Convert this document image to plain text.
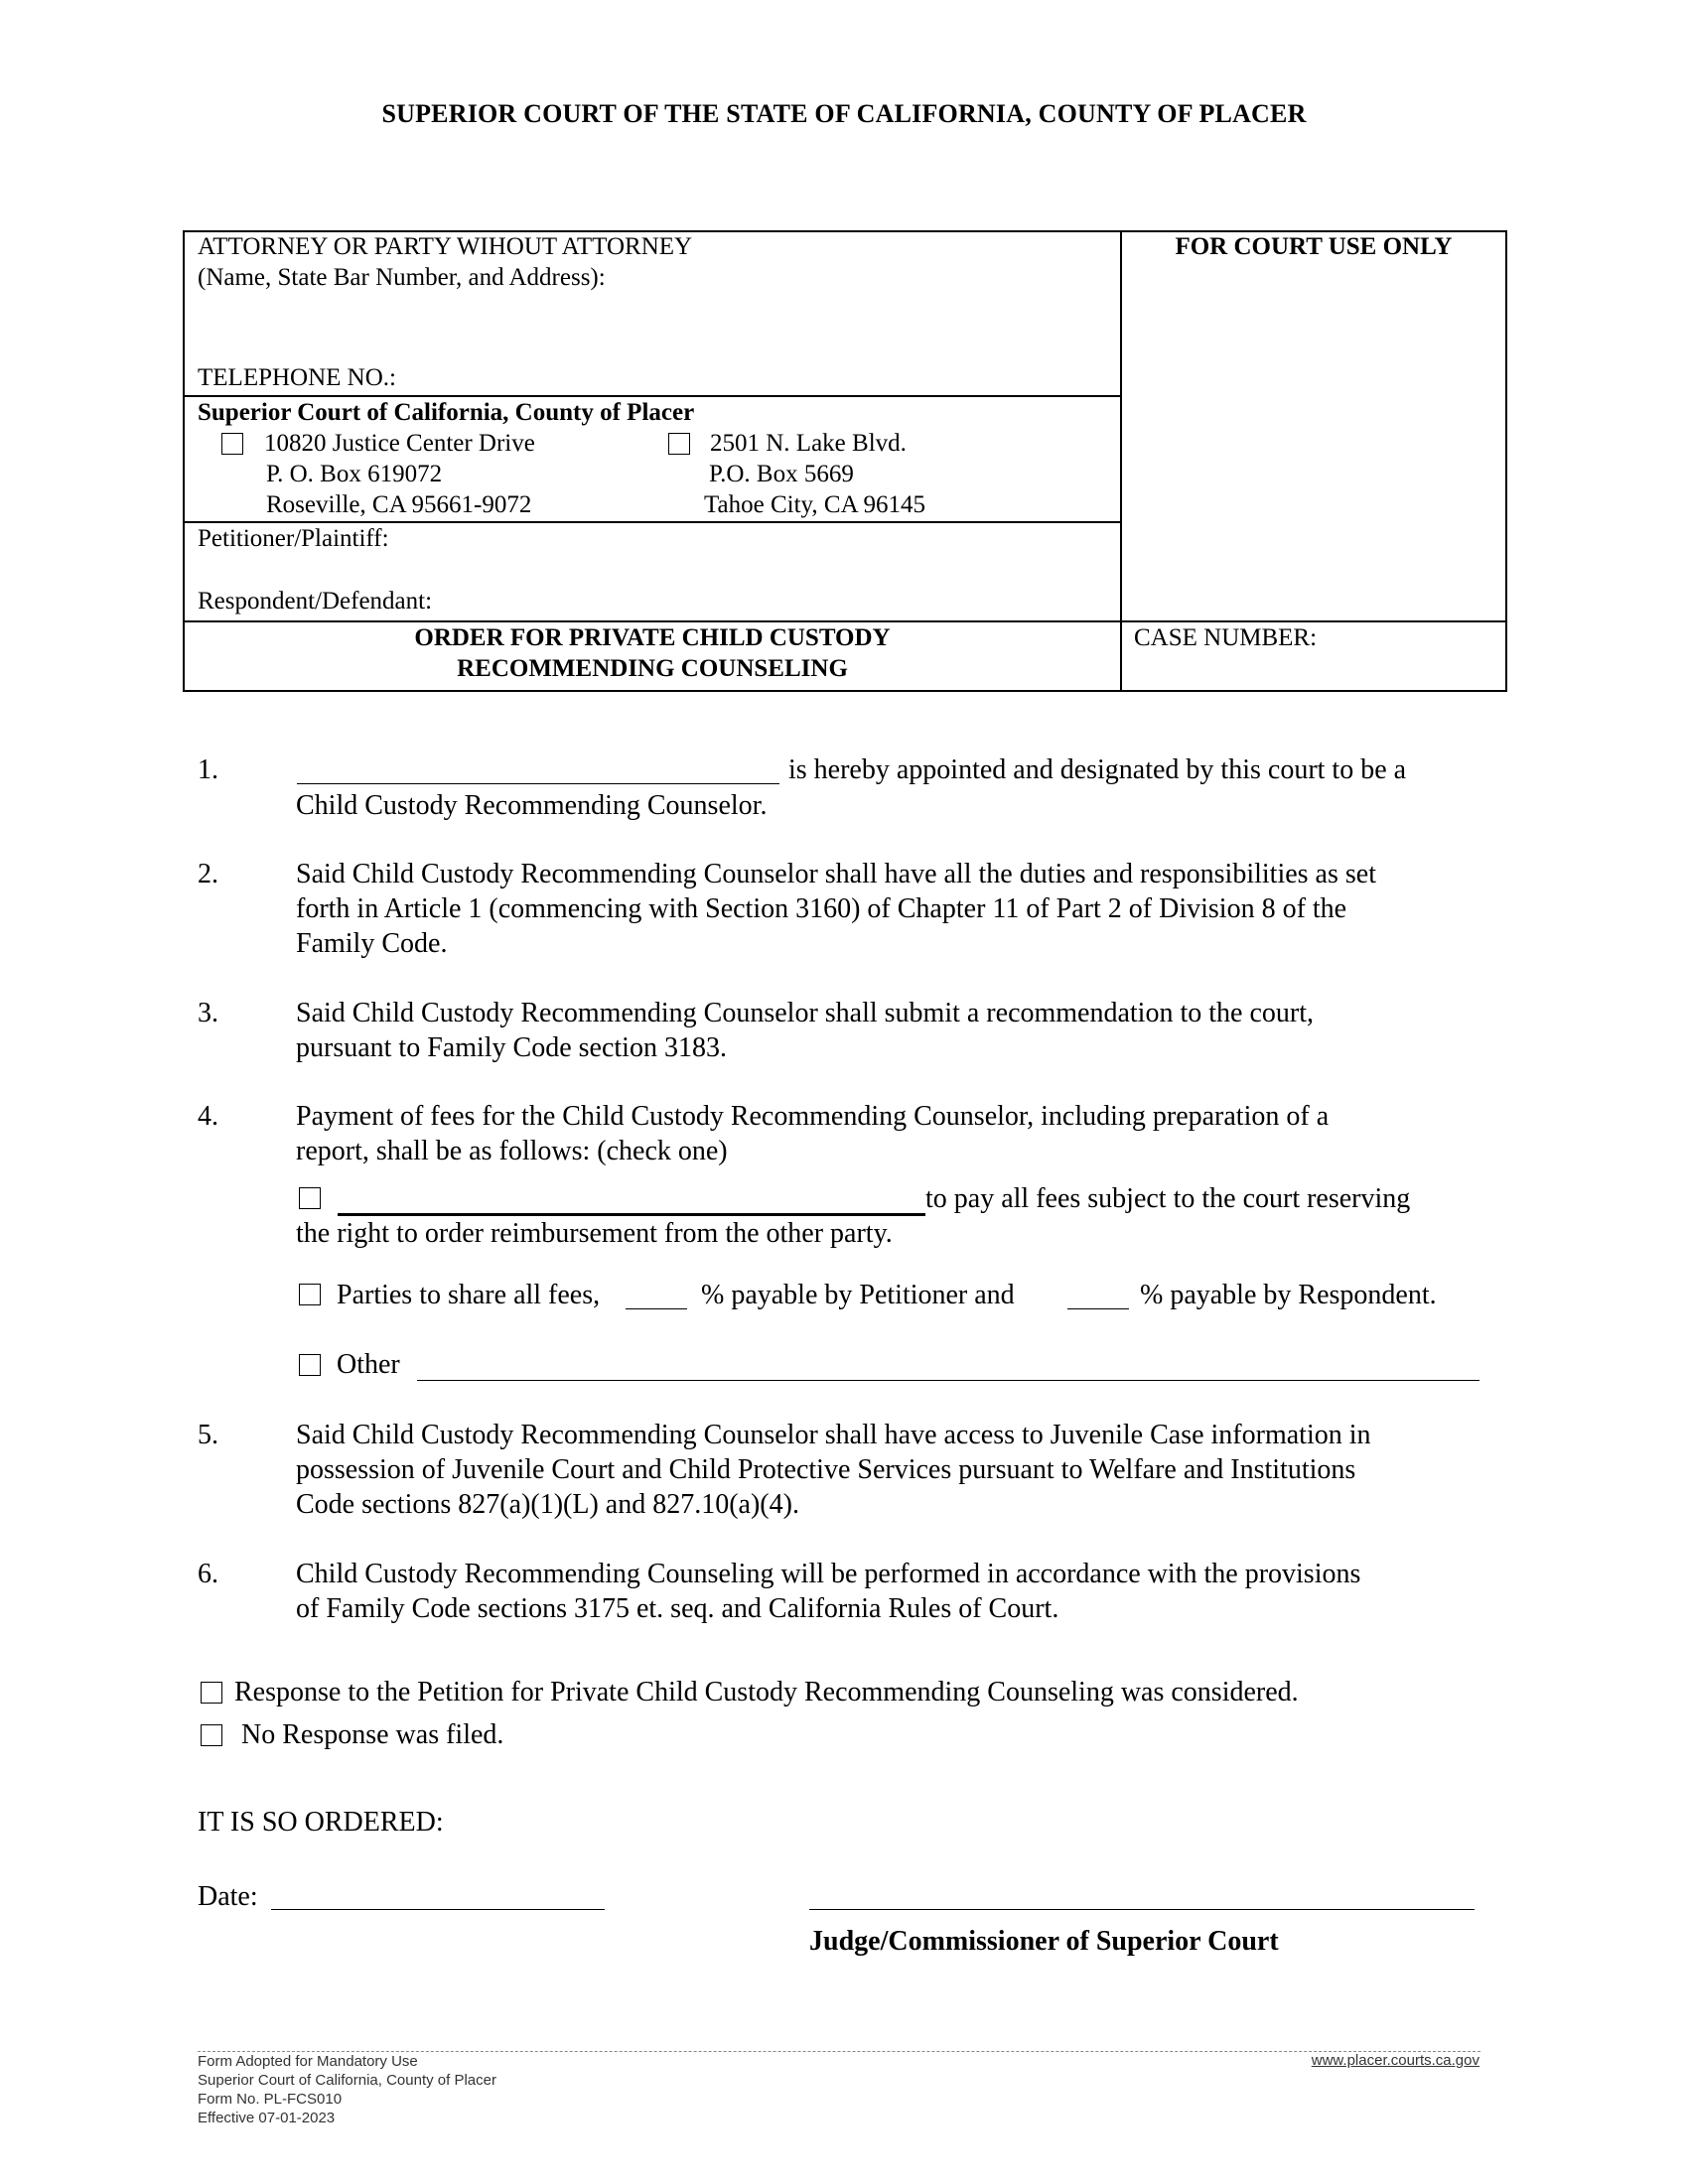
SUPERIOR COURT OF THE STATE OF CALIFORNIA, COUNTY OF PLACER
ATTORNEY OR PARTY WIHOUT ATTORNEY
(Name, State Bar Number, and Address):
TELEPHONE NO.:
FOR COURT USE ONLY
Superior Court of California, County of Placer
10820 Justice Center Drive
P. O. Box 619072
Roseville, CA 95661-9072
2501 N. Lake Blvd.
P.O. Box 5669
Tahoe City, CA 96145
Petitioner/Plaintiff:
Respondent/Defendant:
ORDER FOR PRIVATE CHILD CUSTODY
RECOMMENDING COUNSELING
CASE NUMBER:
1.	is hereby appointed and designated by this court to be a
Child Custody Recommending Counselor.
2.	Said Child Custody Recommending Counselor shall have all the duties and responsibilities as set
forth in Article 1 (commencing with Section 3160) of Chapter 11 of Part 2 of Division 8 of the
Family Code.
3.	Said Child Custody Recommending Counselor shall submit a recommendation to the court,
pursuant to Family Code section 3183.
4.	Payment of fees for the Child Custody Recommending Counselor, including preparation of a
report, shall be as follows: (check one)
to pay all fees subject to the court reserving
the right to order reimbursement from the other party.
Parties to share all fees,	% payable by Petitioner and	% payable by Respondent.
Other
5.	Said Child Custody Recommending Counselor shall have access to Juvenile Case information in
possession of Juvenile Court and Child Protective Services pursuant to Welfare and Institutions
Code sections 827(a)(1)(L) and 827.10(a)(4).
6.	Child Custody Recommending Counseling will be performed in accordance with the provisions
of Family Code sections 3175 et. seq. and California Rules of Court.
Response to the Petition for Private Child Custody Recommending Counseling was considered.
No Response was filed.
IT IS SO ORDERED:
Date:
Judge/Commissioner of Superior Court
Form Adopted for Mandatory Use
Superior Court of California, County of Placer
Form No. PL-FCS010
Effective 07-01-2023
www.placer.courts.ca.gov
